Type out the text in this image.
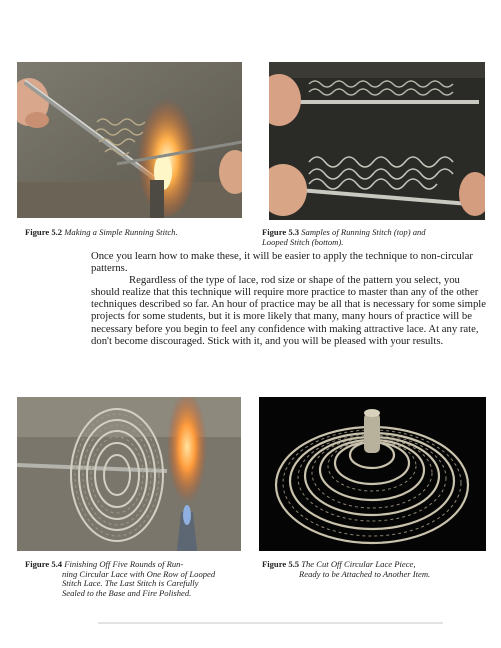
Figure 5.2 Making a Simple Running Stitch.	Figure 5.3 Samples of Running Stitch (top) and
Looped Stitch (bottom).
Figure 5.4 Finishing Off Five Rounds of Run-
ning Circular Lace with One Row of Looped
Stitch Lace. The Last Stitch is Carefully
Sealed to the Base and Fire Polished.
Figure 5.5 The Cut Off Circular Lace Piece,
Ready to be Attached to Another Item.

Once you learn how to make these, it will be easier to apply the technique to non-circular patterns.

Regardless of the type of lace, rod size or shape of the pattern you select, you should realize that this technique will require more practice to master than any of the other techniques described so far. An hour of practice may be all that is necessary for some simple projects for some students, but it is more likely that many, many hours of practice will be necessary before you begin to feel any confidence with making attractive lace. At any rate, don't become discouraged. Stick with it, and you will be pleased with your results.
